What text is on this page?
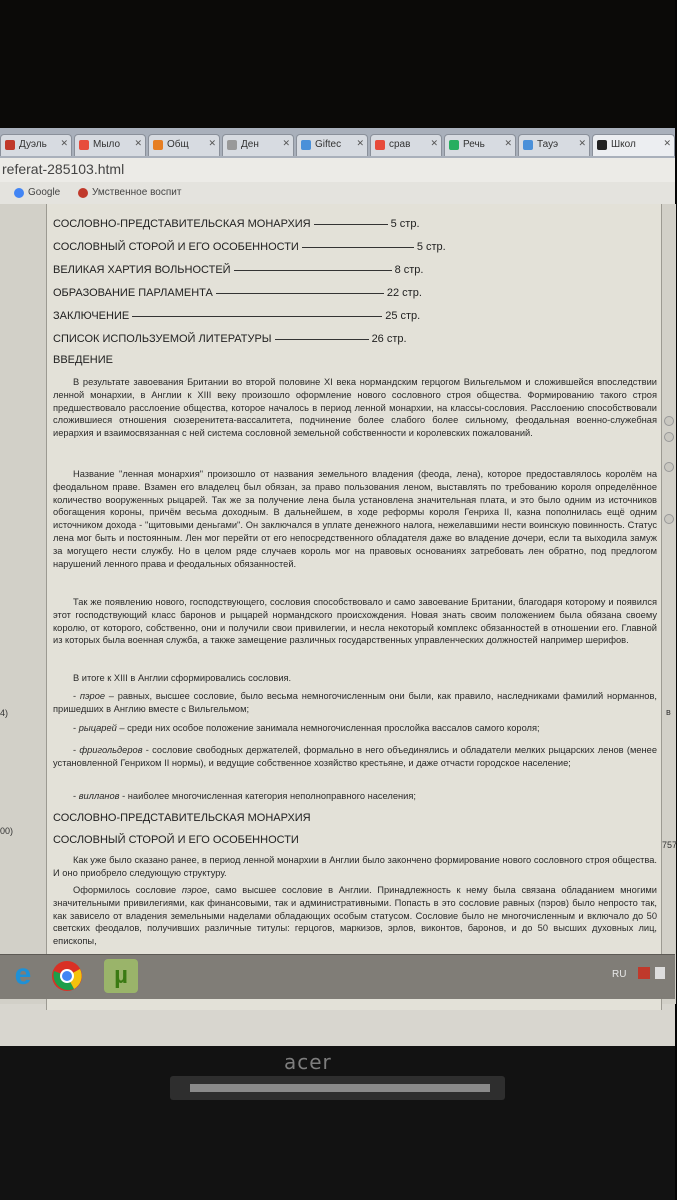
Дуэль ✕	Мыло ✕	Общ ✕	Ден	✕	Giftec ✕	срав ✕	Речь ✕	Тауэ ✕	Школ	✕
referat-285103.html
Google	Умственное воспит
4)
00)
в
757
СОСЛОВНО-ПРЕДСТАВИТЕЛЬСКАЯ МОНАРХИЯ	5 стр.
СОСЛОВНЫЙ СТОРОЙ И ЕГО ОСОБЕННОСТИ	5 стр.
ВЕЛИКАЯ ХАРТИЯ ВОЛЬНОСТЕЙ	8 стр.
ОБРАЗОВАНИЕ ПАРЛАМЕНТА	22 стр.
ЗАКЛЮЧЕНИЕ	25 стр.
СПИСОК ИСПОЛЬЗУЕМОЙ ЛИТЕРАТУРЫ	26 стр.
ВВЕДЕНИЕ
В результате завоевания Британии во второй половине XI века нормандским герцогом Вильгельмом и сложившейся впоследствии ленной монархии, в Англии к XIII веку произошло оформление нового сословного строя общества. Формированию такого строя предшествовало расслоение общества, которое началось в период ленной монархии, на классы-сословия. Расслоению способствовали сложившиеся отношения сюзеренитета-вассалитета, подчинение более слабого более сильному, феодальная военно-служебная иерархия и взаимосвязанная с ней система сословной земельной собственности и королевских пожалований.
Название "ленная монархия" произошло от названия земельного владения (феода, лена), которое предоставлялось королём на феодальном праве. Взамен его владелец был обязан, за право пользования леном, выставлять по требованию короля определённое количество вооруженных рыцарей. Так же за получение лена была установлена значительная плата, и это было одним из источников обогащения короны, причём весьма доходным. В дальнейшем, в ходе реформы короля Генриха II, казна пополнилась ещё одним источником дохода - "щитовыми деньгами". Он заключался в уплате денежного налога, нежелавшими нести воинскую повинность. Статус лена мог быть и постоянным. Лен мог перейти от его непосредственного обладателя даже во владение дочери, если та выходила замуж за могущего нести службу. Но в целом ряде случаев король мог на правовых основаниях затребовать лен обратно, под предлогом нарушений ленного права и феодальных обязанностей.
Так же появлению нового, господствующего, сословия способствовало и само завоевание Британии, благодаря которому и появился этот господствующий класс баронов и рыцарей нормандского происхождения. Новая знать своим положением была обязана своему королю, от которого, собственно, они и получили свои привилегии, и несла некоторый комплекс обязанностей в отношении его. Главной из которых была военная служба, а также замещение различных государственных управленческих должностей например шерифов.
В итоге к XIII в Англии сформировались сословия.
- пэрое – равных, высшее сословие, было весьма немногочисленным они были, как правило, наследниками фамилий норманнов, пришедших в Англию вместе с Вильгельмом;
- рыцарей – среди них особое положение занимала немногочисленная прослойка вассалов самого короля;
- фригольдеров - сословие свободных держателей, формально в него объединялись и обладатели мелких рыцарских ленов (менее установленной Генрихом II нормы), и ведущие собственное хозяйство крестьяне, и даже отчасти городское население;
- вилланов - наиболее многочисленная категория неполноправного населения;
СОСЛОВНО-ПРЕДСТАВИТЕЛЬСКАЯ МОНАРХИЯ
СОСЛОВНЫЙ СТОРОЙ И ЕГО ОСОБЕННОСТИ
Как уже было сказано ранее, в период ленной монархии в Англии было закончено формирование нового сословного строя общества. И оно приобрело следующую структуру.
Оформилось сословие пэрое, само высшее сословие в Англии. Принадлежность к нему была связана обладанием многими значительными привилегиями, как финансовыми, так и административными. Попасть в это сословие равных (пэров) было непросто так, как зависело от владения земельными наделами обладающих особым статусом. Сословие было не многочисленным и включало до 50 светских феодалов, получивших различные титулы: герцогов, маркизов, эрлов, виконтов, баронов, и до 50 высших духовных лиц, епископы,
e	µ	RU
acer
